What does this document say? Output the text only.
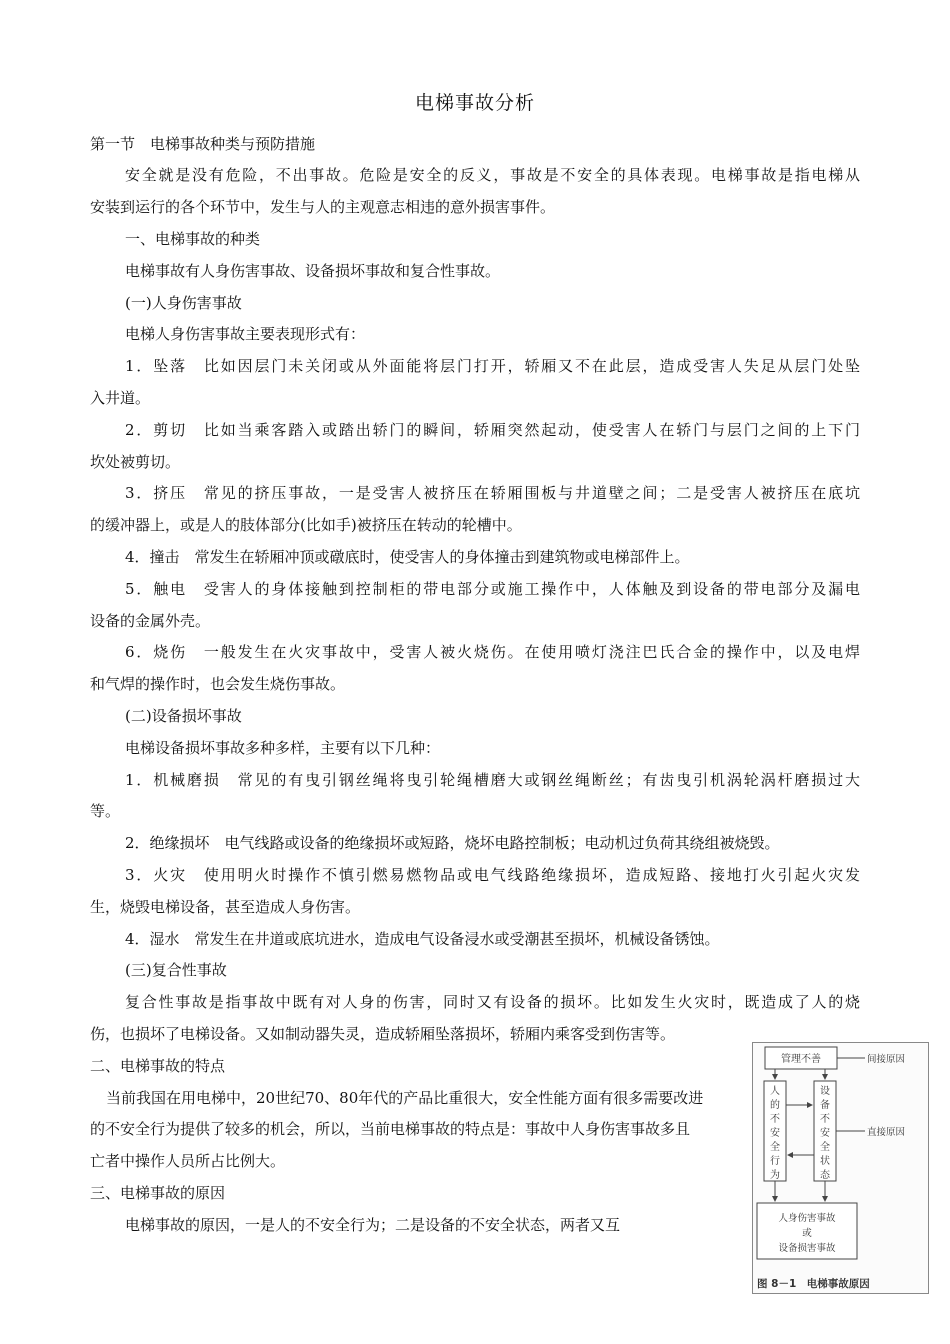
电梯事故分析
第一节　电梯事故种类与预防措施
安全就是没有危险，不出事故。危险是安全的反义，事故是不安全的具体表现。电梯事故是指电梯从
安装到运行的各个环节中，发生与人的主观意志相违的意外损害事件。
一、电梯事故的种类
电梯事故有人身伤害事故、设备损坏事故和复合性事故。
(一)人身伤害事故
电梯人身伤害事故主要表现形式有：
1．坠落　比如因层门未关闭或从外面能将层门打开，轿厢又不在此层，造成受害人失足从层门处坠
入井道。
2．剪切　比如当乘客踏入或踏出轿门的瞬间，轿厢突然起动，使受害人在轿门与层门之间的上下门
坎处被剪切。
3．挤压　常见的挤压事故，一是受害人被挤压在轿厢围板与井道壁之间；二是受害人被挤压在底坑
的缓冲器上，或是人的肢体部分(比如手)被挤压在转动的轮槽中。
4．撞击　常发生在轿厢冲顶或礅底时，使受害人的身体撞击到建筑物或电梯部件上。
5．触电　受害人的身体接触到控制柜的带电部分或施工操作中，人体触及到设备的带电部分及漏电
设备的金属外壳。
6．烧伤　一般发生在火灾事故中，受害人被火烧伤。在使用喷灯浇注巴氏合金的操作中，以及电焊
和气焊的操作时，也会发生烧伤事故。
(二)设备损坏事故
电梯设备损坏事故多种多样，主要有以下几种：
1．机械磨损　常见的有曳引钢丝绳将曳引轮绳槽磨大或钢丝绳断丝；有齿曳引机涡轮涡杆磨损过大
等。
2．绝缘损坏　电气线路或设备的绝缘损坏或短路，烧坏电路控制板；电动机过负荷其绕组被烧毁。
3．火灾　使用明火时操作不慎引燃易燃物品或电气线路绝缘损坏，造成短路、接地打火引起火灾发
生，烧毁电梯设备，甚至造成人身伤害。
4．湿水　常发生在井道或底坑进水，造成电气设备浸水或受潮甚至损坏，机械设备锈蚀。
(三)复合性事故
复合性事故是指事故中既有对人身的伤害，同时又有设备的损坏。比如发生火灾时，既造成了人的烧
伤，也损坏了电梯设备。又如制动器失灵，造成轿厢坠落损坏，轿厢内乘客受到伤害等。
二、电梯事故的特点
当前我国在用电梯中，20世纪70、80年代的产品比重很大，安全性能方面有很多需要改进
的不安全行为提供了较多的机会，所以，当前电梯事故的特点是：事故中人身伤害事故多且
亡者中操作人员所占比例大。
三、电梯事故的原因
电梯事故的原因，一是人的不安全行为；二是设备的不安全状态，两者又互
管理不善	间接原因
人
的
不
安
全
行
为
设
备
不
安
全
状
态
直接原因
人身伤害事故
或
设备损害事故
图 8－1　电梯事故原因
